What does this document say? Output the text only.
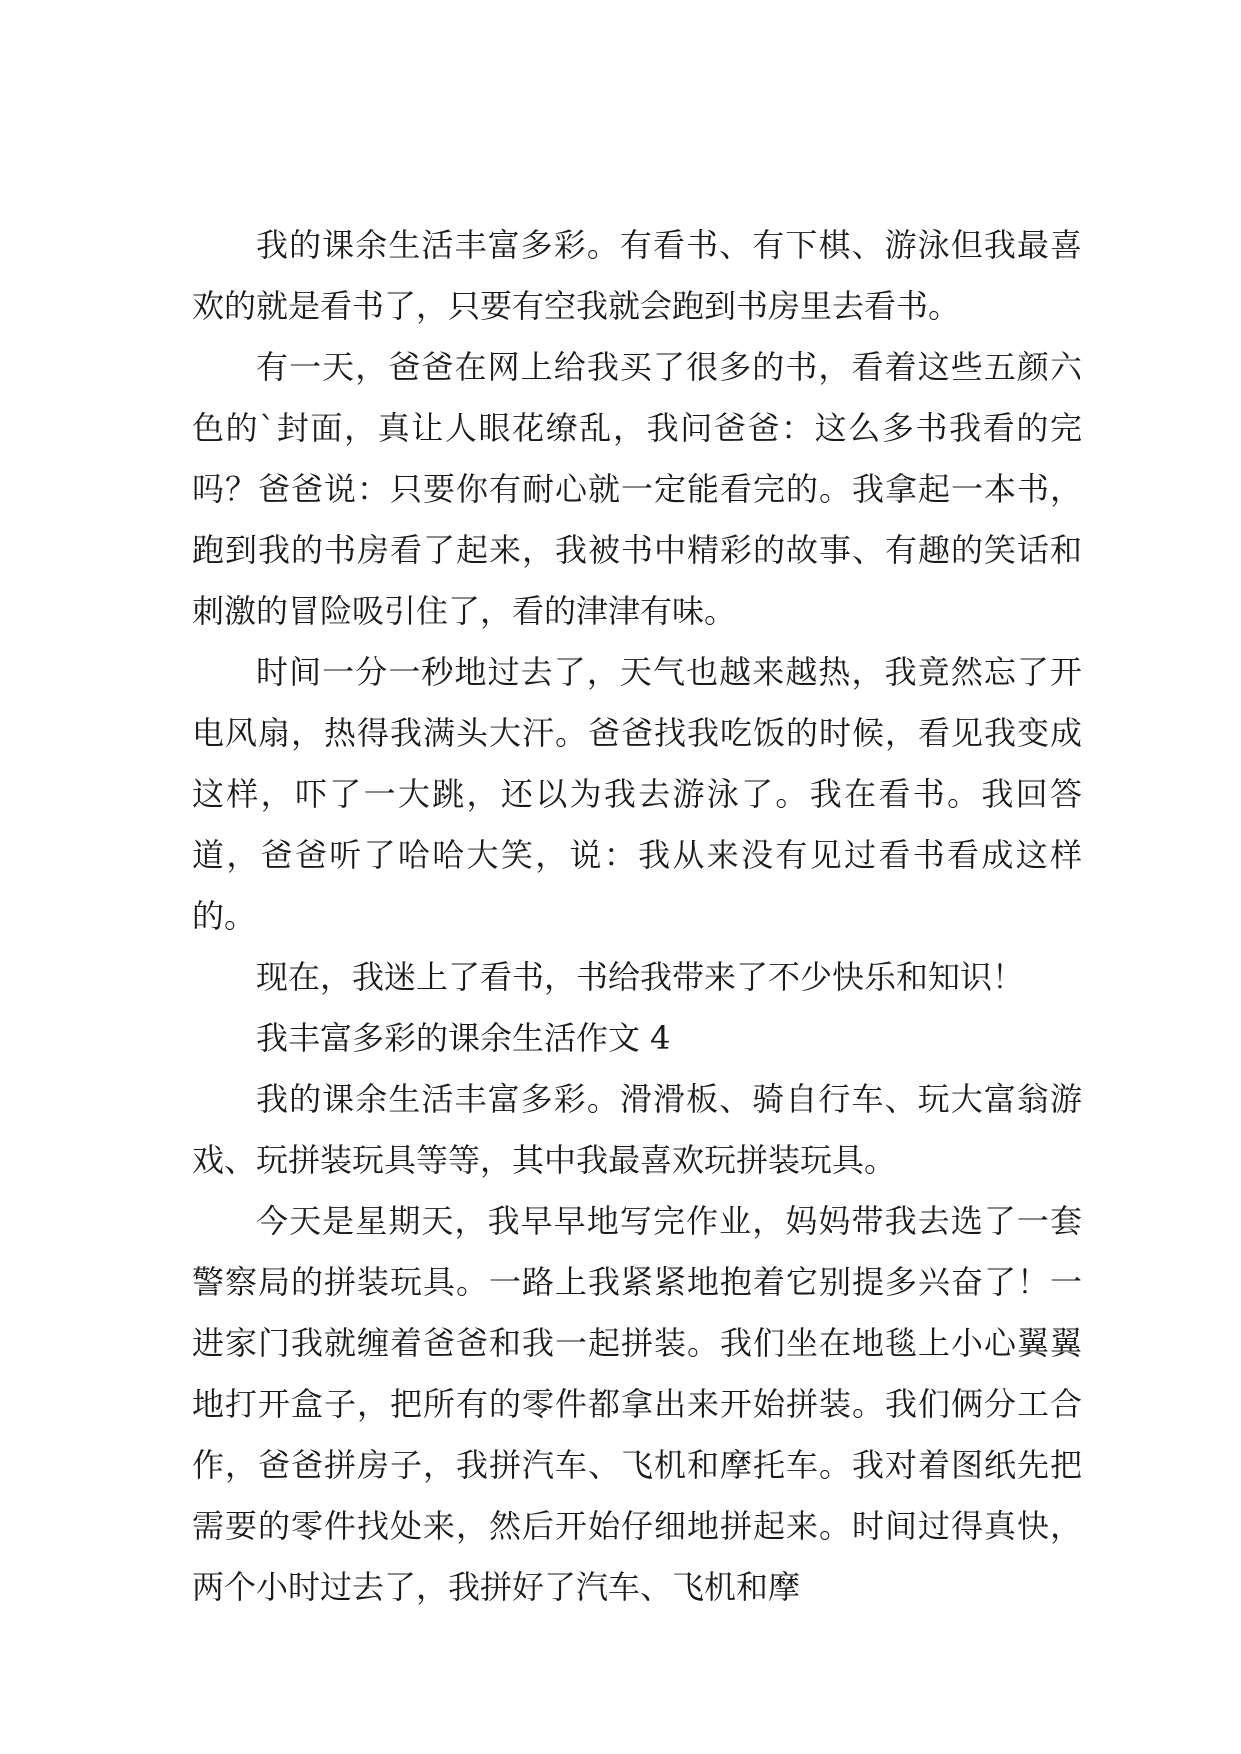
我的课余生活丰富多彩。有看书、有下棋、游泳但我最喜欢的就是看书了，只要有空我就会跑到书房里去看书。

有一天，爸爸在网上给我买了很多的书，看着这些五颜六色的`封面，真让人眼花缭乱，我问爸爸：这么多书我看的完吗？爸爸说：只要你有耐心就一定能看完的。我拿起一本书，跑到我的书房看了起来，我被书中精彩的故事、有趣的笑话和刺激的冒险吸引住了，看的津津有味。

时间一分一秒地过去了，天气也越来越热，我竟然忘了开电风扇，热得我满头大汗。爸爸找我吃饭的时候，看见我变成这样，吓了一大跳，还以为我去游泳了。我在看书。我回答道，爸爸听了哈哈大笑，说：我从来没有见过看书看成这样的。

现在，我迷上了看书，书给我带来了不少快乐和知识！

我丰富多彩的课余生活作文 4

我的课余生活丰富多彩。滑滑板、骑自行车、玩大富翁游戏、玩拼装玩具等等，其中我最喜欢玩拼装玩具。

今天是星期天，我早早地写完作业，妈妈带我去选了一套警察局的拼装玩具。一路上我紧紧地抱着它别提多兴奋了！一进家门我就缠着爸爸和我一起拼装。我们坐在地毯上小心翼翼地打开盒子，把所有的零件都拿出来开始拼装。我们俩分工合作，爸爸拼房子，我拼汽车、飞机和摩托车。我对着图纸先把需要的零件找处来，然后开始仔细地拼起来。时间过得真快，两个小时过去了，我拼好了汽车、飞机和摩
